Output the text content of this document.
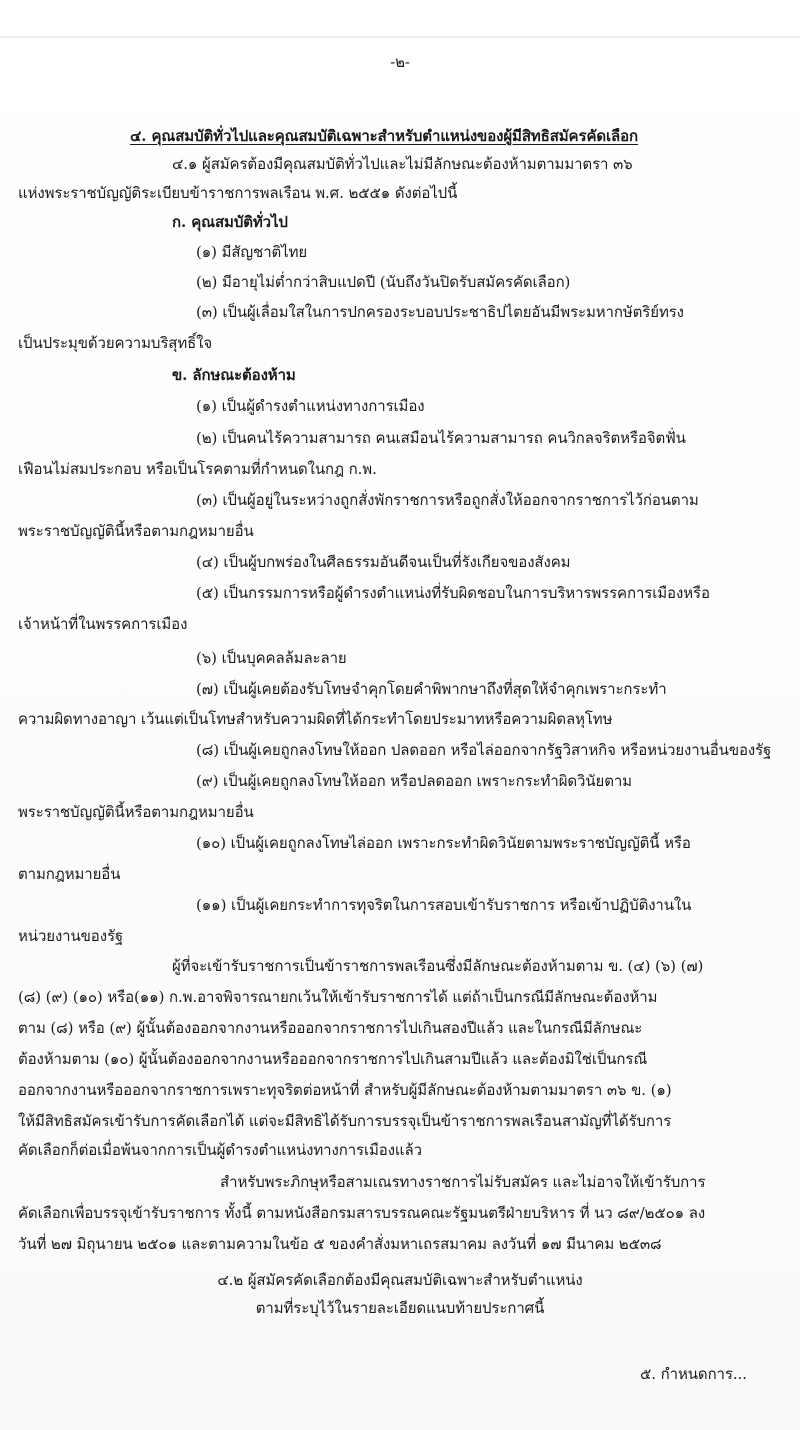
-๒-
๔. คุณสมบัติทั่วไปและคุณสมบัติเฉพาะสำหรับตำแหน่งของผู้มีสิทธิสมัครคัดเลือก
๔.๑ ผู้สมัครต้องมีคุณสมบัติทั่วไปและไม่มีลักษณะต้องห้ามตามมาตรา ๓๖
แห่งพระราชบัญญัติระเบียบข้าราชการพลเรือน พ.ศ. ๒๕๕๑ ดังต่อไปนี้
ก. คุณสมบัติทั่วไป
(๑) มีสัญชาติไทย
(๒) มีอายุไม่ต่ำกว่าสิบแปดปี (นับถึงวันปิดรับสมัครคัดเลือก)
(๓) เป็นผู้เลื่อมใสในการปกครองระบอบประชาธิปไตยอันมีพระมหากษัตริย์ทรง
เป็นประมุขด้วยความบริสุทธิ์ใจ
ข. ลักษณะต้องห้าม
(๑) เป็นผู้ดำรงตำแหน่งทางการเมือง
(๒) เป็นคนไร้ความสามารถ คนเสมือนไร้ความสามารถ คนวิกลจริตหรือจิตฟั่น
เฟือนไม่สมประกอบ หรือเป็นโรคตามที่กำหนดในกฎ ก.พ.
(๓) เป็นผู้อยู่ในระหว่างถูกสั่งพักราชการหรือถูกสั่งให้ออกจากราชการไว้ก่อนตาม
พระราชบัญญัตินี้หรือตามกฎหมายอื่น
(๔) เป็นผู้บกพร่องในศีลธรรมอันดีจนเป็นที่รังเกียจของสังคม
(๕) เป็นกรรมการหรือผู้ดำรงตำแหน่งที่รับผิดชอบในการบริหารพรรคการเมืองหรือ
เจ้าหน้าที่ในพรรคการเมือง
(๖) เป็นบุคคลล้มละลาย
(๗) เป็นผู้เคยต้องรับโทษจำคุกโดยคำพิพากษาถึงที่สุดให้จำคุกเพราะกระทำ
ความผิดทางอาญา เว้นแต่เป็นโทษสำหรับความผิดที่ได้กระทำโดยประมาทหรือความผิดลหุโทษ
(๘) เป็นผู้เคยถูกลงโทษให้ออก ปลดออก หรือไล่ออกจากรัฐวิสาหกิจ หรือหน่วยงานอื่นของรัฐ
(๙) เป็นผู้เคยถูกลงโทษให้ออก หรือปลดออก เพราะกระทำผิดวินัยตาม
พระราชบัญญัตินี้หรือตามกฎหมายอื่น
(๑๐) เป็นผู้เคยถูกลงโทษไล่ออก เพราะกระทำผิดวินัยตามพระราชบัญญัตินี้ หรือ
ตามกฎหมายอื่น
(๑๑) เป็นผู้เคยกระทำการทุจริตในการสอบเข้ารับราชการ หรือเข้าปฏิบัติงานใน
หน่วยงานของรัฐ
ผู้ที่จะเข้ารับราชการเป็นข้าราชการพลเรือนซึ่งมีลักษณะต้องห้ามตาม ข. (๔) (๖) (๗)
(๘) (๙) (๑๐) หรือ(๑๑) ก.พ.อาจพิจารณายกเว้นให้เข้ารับราชการได้ แต่ถ้าเป็นกรณีมีลักษณะต้องห้าม
ตาม (๘) หรือ (๙) ผู้นั้นต้องออกจากงานหรือออกจากราชการไปเกินสองปีแล้ว และในกรณีมีลักษณะ
ต้องห้ามตาม (๑๐) ผู้นั้นต้องออกจากงานหรือออกจากราชการไปเกินสามปีแล้ว และต้องมิใช่เป็นกรณี
ออกจากงานหรือออกจากราชการเพราะทุจริตต่อหน้าที่ สำหรับผู้มีลักษณะต้องห้ามตามมาตรา ๓๖ ข. (๑)
ให้มีสิทธิสมัครเข้ารับการคัดเลือกได้ แต่จะมีสิทธิได้รับการบรรจุเป็นข้าราชการพลเรือนสามัญที่ได้รับการ
คัดเลือกก็ต่อเมื่อพ้นจากการเป็นผู้ดำรงตำแหน่งทางการเมืองแล้ว
สำหรับพระภิกษุหรือสามเณรทางราชการไม่รับสมัคร และไม่อาจให้เข้ารับการ
คัดเลือกเพื่อบรรจุเข้ารับราชการ ทั้งนี้ ตามหนังสือกรมสารบรรณคณะรัฐมนตรีฝ่ายบริหาร ที่ นว ๘๙/๒๕๐๑ ลง
วันที่ ๒๗ มิถุนายน ๒๕๐๑ และตามความในข้อ ๕ ของคำสั่งมหาเถรสมาคม ลงวันที่ ๑๗ มีนาคม ๒๕๓๘
๔.๒ ผู้สมัครคัดเลือกต้องมีคุณสมบัติเฉพาะสำหรับตำแหน่ง
ตามที่ระบุไว้ในรายละเอียดแนบท้ายประกาศนี้
๕. กำหนดการ...
